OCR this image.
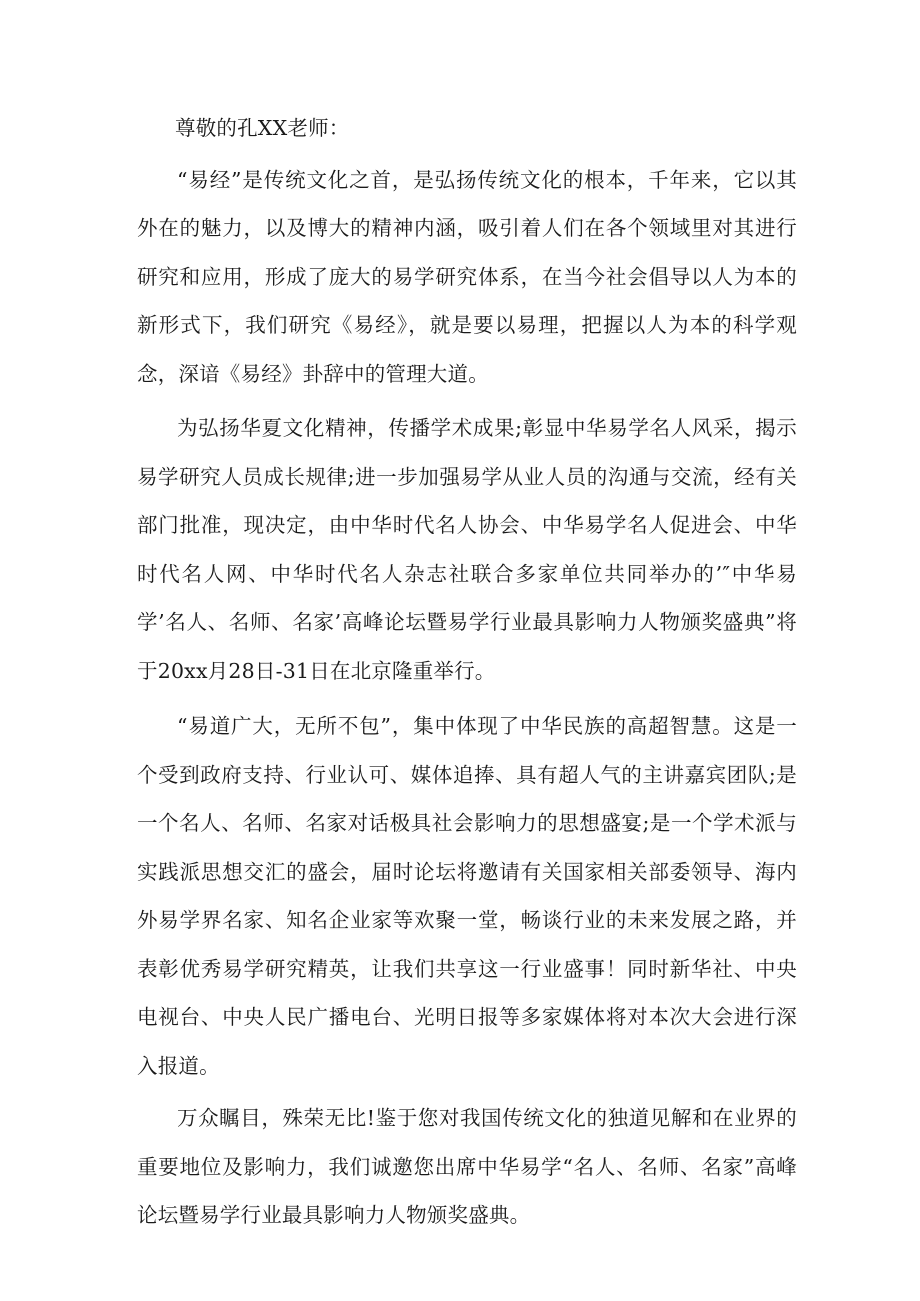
尊敬的孔XX老师：

“易经”是传统文化之首，是弘扬传统文化的根本，千年来，它以其外在的魅力，以及博大的精神内涵，吸引着人们在各个领域里对其进行研究和应用，形成了庞大的易学研究体系，在当今社会倡导以人为本的新形式下，我们研究《易经》，就是要以易理，把握以人为本的科学观念，深谙《易经》卦辞中的管理大道。

为弘扬华夏文化精神，传播学术成果;彰显中华易学名人风采，揭示易学研究人员成长规律;进一步加强易学从业人员的沟通与交流，经有关部门批准，现决定，由中华时代名人协会、中华易学名人促进会、中华时代名人网、中华时代名人杂志社联合多家单位共同举办的’″中华易学’名人、名师、名家’高峰论坛暨易学行业最具影响力人物颁奖盛典”将于20xx月28日-31日在北京隆重举行。

“易道广大，无所不包”，集中体现了中华民族的高超智慧。这是一个受到政府支持、行业认可、媒体追捧、具有超人气的主讲嘉宾团队;是一个名人、名师、名家对话极具社会影响力的思想盛宴;是一个学术派与实践派思想交汇的盛会，届时论坛将邀请有关国家相关部委领导、海内外易学界名家、知名企业家等欢聚一堂，畅谈行业的未来发展之路，并表彰优秀易学研究精英，让我们共享这一行业盛事！同时新华社、中央电视台、中央人民广播电台、光明日报等多家媒体将对本次大会进行深入报道。

万众瞩目，殊荣无比!鉴于您对我国传统文化的独道见解和在业界的重要地位及影响力，我们诚邀您出席中华易学“名人、名师、名家”高峰论坛暨易学行业最具影响力人物颁奖盛典。
